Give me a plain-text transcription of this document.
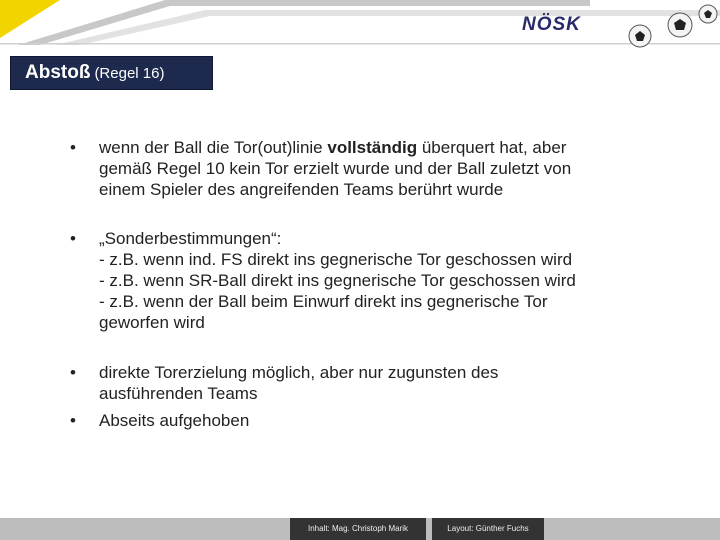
NÖSK
Abstoß (Regel 16)
•	wenn der Ball die Tor(out)linie vollständig überquert hat, aber
gemäß Regel 10 kein Tor erzielt wurde und der Ball zuletzt von
einem Spieler des angreifenden Teams berührt wurde
•	„Sonderbestimmungen“:
- z.B. wenn ind. FS direkt ins gegnerische Tor geschossen wird
- z.B. wenn SR-Ball direkt ins gegnerische Tor geschossen wird
- z.B. wenn der Ball beim Einwurf direkt ins gegnerische Tor
geworfen wird
•	direkte Torerzielung möglich, aber nur zugunsten des
ausführenden Teams
•	Abseits aufgehoben
Inhalt: Mag. Christoph Marik	Layout: Günther Fuchs
